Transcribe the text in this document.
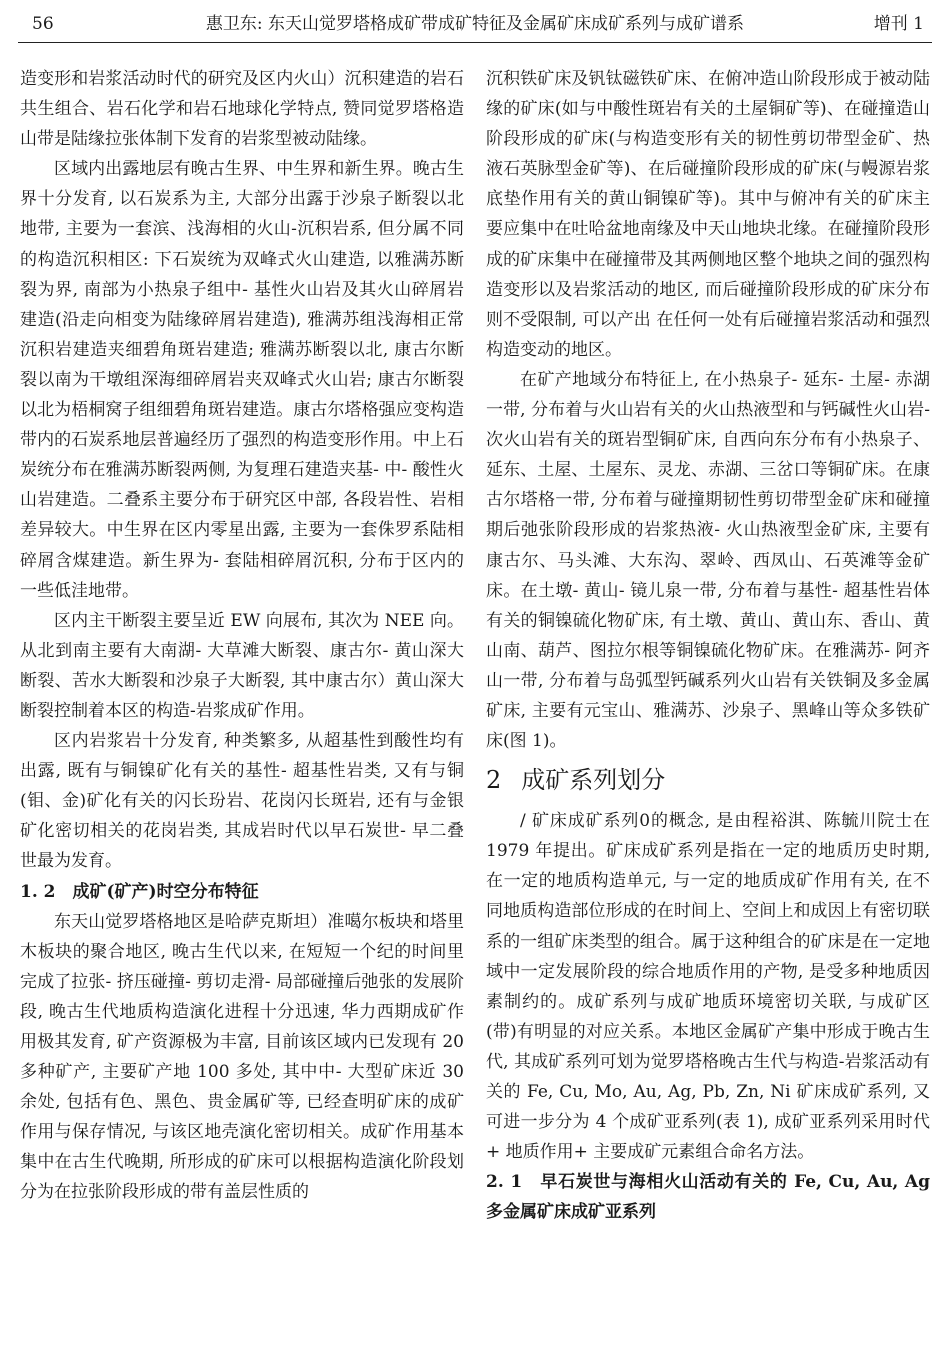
56	惠卫东: 东天山觉罗塔格成矿带成矿特征及金属矿床成矿系列与成矿谱系	增刊 1

造变形和岩浆活动时代的研究及区内火山）沉积建造的岩石共生组合、岩石化学和岩石地球化学特点, 赞同觉罗塔格造山带是陆缘拉张体制下发育的岩浆型被动陆缘。

区域内出露地层有晚古生界、中生界和新生界。晚古生界十分发育, 以石炭系为主, 大部分出露于沙泉子断裂以北地带, 主要为一套滨、浅海相的火山-沉积岩系, 但分属不同的构造沉积相区: 下石炭统为双峰式火山建造, 以雅满苏断裂为界, 南部为小热泉子组中- 基性火山岩及其火山碎屑岩建造(沿走向相变为陆缘碎屑岩建造), 雅满苏组浅海相正常沉积岩建造夹细碧角斑岩建造; 雅满苏断裂以北, 康古尔断裂以南为干墩组深海细碎屑岩夹双峰式火山岩; 康古尔断裂以北为梧桐窝子组细碧角斑岩建造。康古尔塔格强应变构造带内的石炭系地层普遍经历了强烈的构造变形作用。中上石炭统分布在雅满苏断裂两侧, 为复理石建造夹基- 中- 酸性火山岩建造。二叠系主要分布于研究区中部, 各段岩性、岩相差异较大。中生界在区内零星出露, 主要为一套侏罗系陆相碎屑含煤建造。新生界为- 套陆相碎屑沉积, 分布于区内的一些低洼地带。

区内主干断裂主要呈近 EW 向展布, 其次为 NEE 向。从北到南主要有大南湖- 大草滩大断裂、康古尔- 黄山深大断裂、苦水大断裂和沙泉子大断裂, 其中康古尔）黄山深大断裂控制着本区的构造-岩浆成矿作用。

区内岩浆岩十分发育, 种类繁多, 从超基性到酸性均有出露, 既有与铜镍矿化有关的基性- 超基性岩类, 又有与铜(钼、金)矿化有关的闪长玢岩、花岗闪长斑岩, 还有与金银矿化密切相关的花岗岩类, 其成岩时代以早石炭世- 早二叠世最为发育。

1. 2　成矿(矿产)时空分布特征

东天山觉罗塔格地区是哈萨克斯坦）准噶尔板块和塔里木板块的聚合地区, 晚古生代以来, 在短短一个纪的时间里完成了拉张- 挤压碰撞- 剪切走滑- 局部碰撞后弛张的发展阶段, 晚古生代地质构造演化进程十分迅速, 华力西期成矿作用极其发育, 矿产资源极为丰富, 目前该区域内已发现有 20 多种矿产, 主要矿产地 100 多处, 其中中- 大型矿床近 30 余处, 包括有色、黑色、贵金属矿等, 已经查明矿床的成矿作用与保存情况, 与该区地壳演化密切相关。成矿作用基本集中在古生代晚期, 所形成的矿床可以根据构造演化阶段划分为在拉张阶段形成的带有盖层性质的

沉积铁矿床及钒钛磁铁矿床、在俯冲造山阶段形成于被动陆缘的矿床(如与中酸性斑岩有关的土屋铜矿等)、在碰撞造山阶段形成的矿床(与构造变形有关的韧性剪切带型金矿、热液石英脉型金矿等)、在后碰撞阶段形成的矿床(与幔源岩浆底垫作用有关的黄山铜镍矿等)。其中与俯冲有关的矿床主要应集中在吐哈盆地南缘及中天山地块北缘。在碰撞阶段形成的矿床集中在碰撞带及其两侧地区整个地块之间的强烈构造变形以及岩浆活动的地区, 而后碰撞阶段形成的矿床分布则不受限制, 可以产出 在任何一处有后碰撞岩浆活动和强烈构造变动的地区。

在矿产地域分布特征上, 在小热泉子- 延东- 土屋- 赤湖一带, 分布着与火山岩有关的火山热液型和与钙碱性火山岩- 次火山岩有关的斑岩型铜矿床, 自西向东分布有小热泉子、延东、土屋、土屋东、灵龙、赤湖、三岔口等铜矿床。在康古尔塔格一带, 分布着与碰撞期韧性剪切带型金矿床和碰撞期后弛张阶段形成的岩浆热液- 火山热液型金矿床, 主要有康古尔、马头滩、大东沟、翠岭、西凤山、石英滩等金矿床。在土墩- 黄山- 镜儿泉一带, 分布着与基性- 超基性岩体有关的铜镍硫化物矿床, 有土墩、黄山、黄山东、香山、黄山南、葫芦、图拉尔根等铜镍硫化物矿床。在雅满苏- 阿齐山一带, 分布着与岛弧型钙碱系列火山岩有关铁铜及多金属矿床, 主要有元宝山、雅满苏、沙泉子、黑峰山等众多铁矿床(图 1)。

2 成矿系列划分

/ 矿床成矿系列0的概念, 是由程裕淇、陈毓川院士在 1979 年提出。矿床成矿系列是指在一定的地质历史时期, 在一定的地质构造单元, 与一定的地质成矿作用有关, 在不同地质构造部位形成的在时间上、空间上和成因上有密切联系的一组矿床类型的组合。属于这种组合的矿床是在一定地域中一定发展阶段的综合地质作用的产物, 是受多种地质因素制约的。成矿系列与成矿地质环境密切关联, 与成矿区(带)有明显的对应关系。本地区金属矿产集中形成于晚古生代, 其成矿系列可划为觉罗塔格晚古生代与构造-岩浆活动有关的 Fe, Cu, Mo, Au, Ag, Pb, Zn, Ni 矿床成矿系列, 又可进一步分为 4 个成矿亚系列(表 1), 成矿亚系列采用时代+ 地质作用+ 主要成矿元素组合命名方法。

2. 1　早石炭世与海相火山活动有关的 Fe, Cu, Au, Ag 多金属矿床成矿亚系列
